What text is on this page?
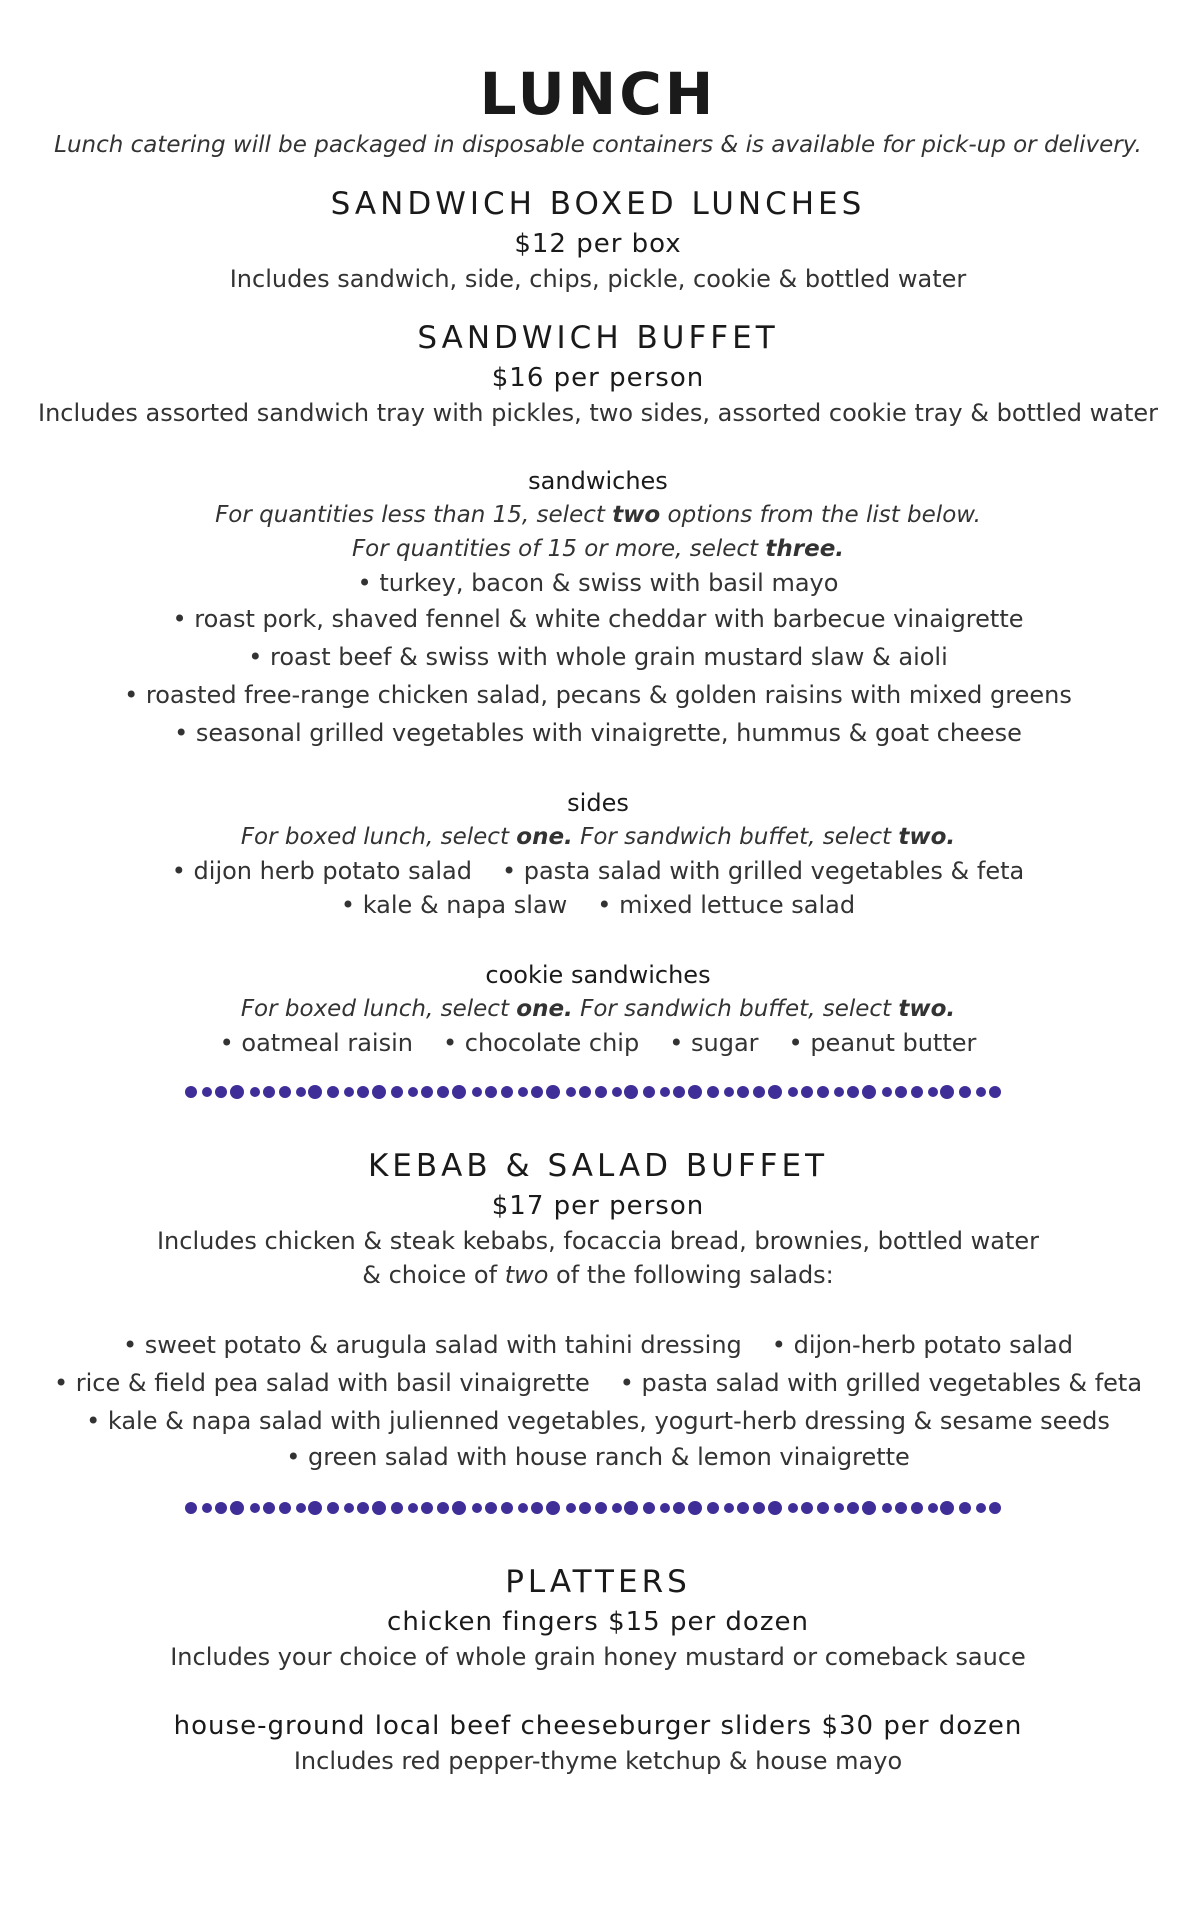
LUNCH
Lunch catering will be packaged in disposable containers & is available for pick-up or delivery.
SANDWICH BOXED LUNCHES
$12 per box
Includes sandwich, side, chips, pickle, cookie & bottled water
SANDWICH BUFFET
$16 per person
Includes assorted sandwich tray with pickles, two sides, assorted cookie tray & bottled water
sandwiches
For quantities less than 15, select two options from the list below.
For quantities of 15 or more, select three.
• turkey, bacon & swiss with basil mayo
• roast pork, shaved fennel & white cheddar with barbecue vinaigrette
• roast beef & swiss with whole grain mustard slaw & aioli
• roasted free-range chicken salad, pecans & golden raisins with mixed greens
• seasonal grilled vegetables with vinaigrette, hummus & goat cheese
sides
For boxed lunch, select one. For sandwich buffet, select two.
• dijon herb potato salad • pasta salad with grilled vegetables & feta
• kale & napa slaw • mixed lettuce salad
cookie sandwiches
For boxed lunch, select one. For sandwich buffet, select two.
• oatmeal raisin • chocolate chip • sugar • peanut butter
KEBAB & SALAD BUFFET
$17 per person
Includes chicken & steak kebabs, focaccia bread, brownies, bottled water
& choice of two of the following salads:
• sweet potato & arugula salad with tahini dressing • dijon-herb potato salad
• rice & field pea salad with basil vinaigrette • pasta salad with grilled vegetables & feta
• kale & napa salad with julienned vegetables, yogurt-herb dressing & sesame seeds
• green salad with house ranch & lemon vinaigrette
PLATTERS
chicken fingers $15 per dozen
Includes your choice of whole grain honey mustard or comeback sauce
house-ground local beef cheeseburger sliders $30 per dozen
Includes red pepper-thyme ketchup & house mayo
